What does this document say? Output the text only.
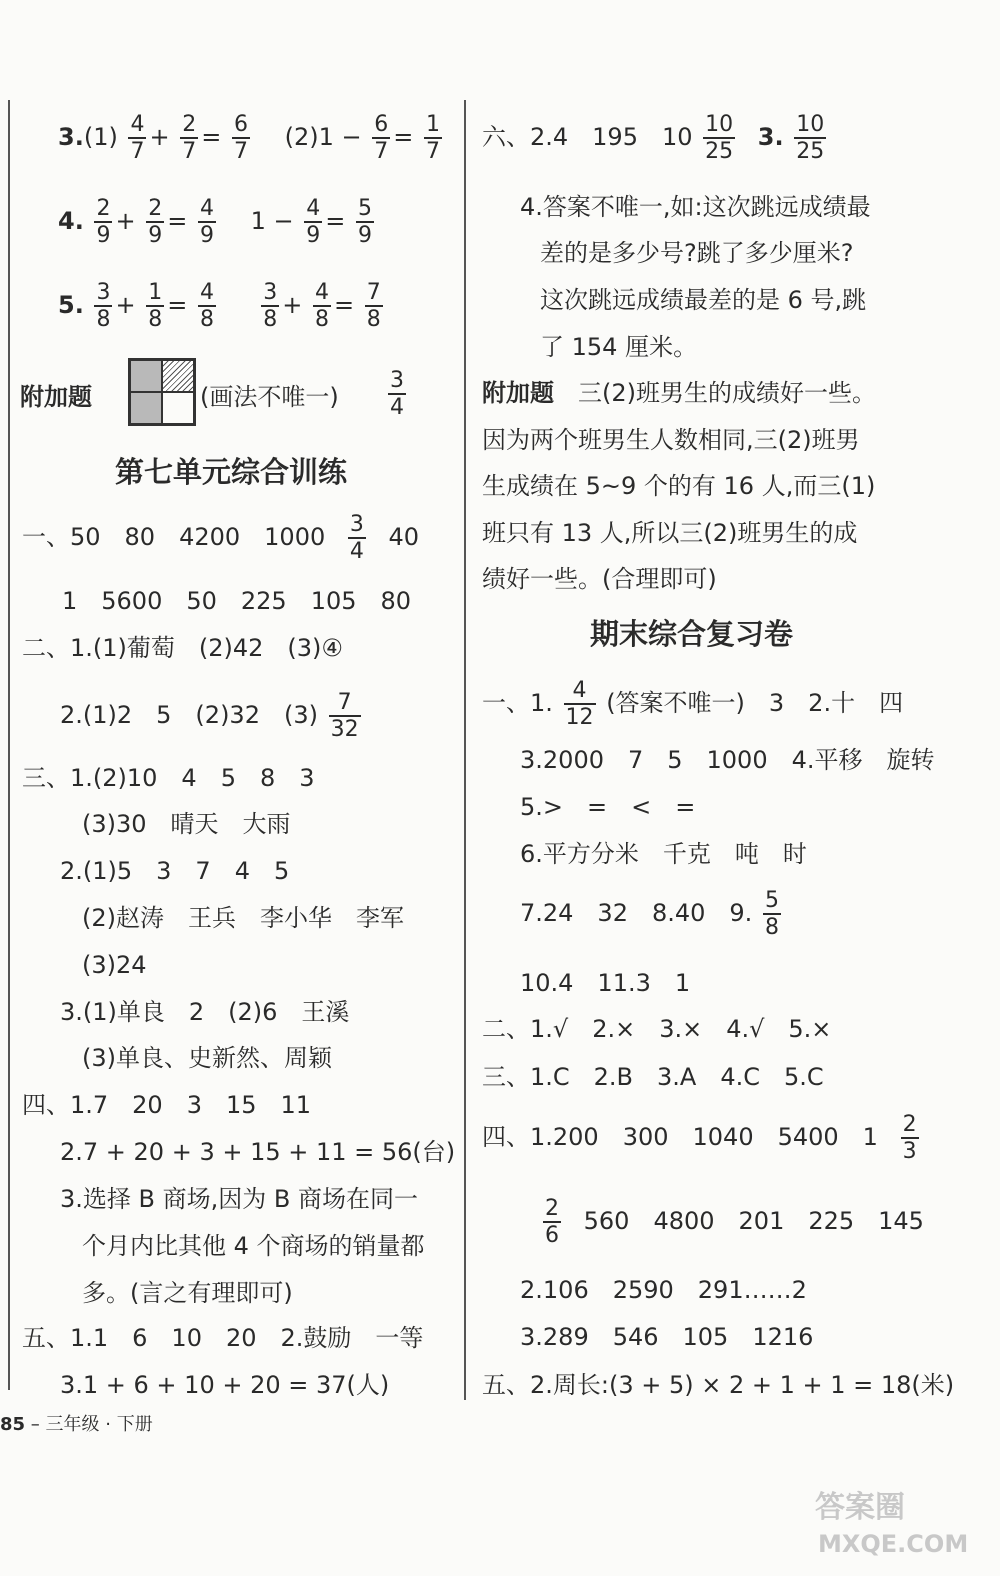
$3.(1) \frac{4}{7} + \frac{2}{7} = \frac{6}{7} (2)1 - \frac{6}{7} = \frac{1}{7}$
4. $\frac{2}{9} + \frac{2}{9} = \frac{4}{9} 1 - \frac{4}{9} = \frac{5}{9}$
5. $\frac{3}{8} + \frac{1}{8} = \frac{4}{8}$
$\frac{3}{8} + \frac{4}{8} = \frac{7}{8}$
附加题	(画法不唯一) $\frac{3}{4}$
第七单元综合训练
一、50　80　4200　$1000 \frac{3}{4} 40$
1　5600　50　225　105　80
二、1.(1)葡萄　(2)42　(3)④
2.(1)2　5　(2)32　$(3) \frac{7}{32}$
三、1.(2)10　4　5　8　3
(3)30　晴天　大雨
2.(1)5　3　7　4　5
(2)赵涛　王兵　李小华　李军
(3)24
3.(1)单良　2　(2)6　王溪
(3)单良、史新然、周颖
四、1.7　20　3　15　11
2.7 + 20 + 3 + 15 + 11 = 56(台)
3.选择 B 商场,因为 B 商场在同一
个月内比其他 4 个商场的销量都
多。(言之有理即可)
五、1.1　6　10　20　2.鼓励　一等
3.1 + 6 + 10 + 20 = 37(人)
六、2.4　195　$10 \frac{10}{25} 3$. $\frac{10}{25}$
4.答案不唯一,如:这次跳远成绩最
差的是多少号?跳了多少厘米?
这次跳远成绩最差的是 6 号,跳
了 154 厘米。
附加题 三(2)班男生的成绩好一些。
因为两个班男生人数相同,三(2)班男
生成绩在 5~9 个的有 16 人,而三(1)
班只有 13 人,所以三(2)班男生的成
绩好一些。(合理即可)
期末综合复习卷
一、1. $\frac{4}{12}$ (答案不唯一)　3　2.十　四
3.2000　7　5　1000　4.平移　旋转
5.>　=　<　=
6.平方分米　千克　吨　时
7.24　32　8.40　9. $\frac{5}{8}$
10.4　11.3　1
二、1.√　2.×　3.×　4.√　5.×
三、1.C　2.B　3.A　4.C　5.C
四、1.200　300　1040　5400　$1 \frac{2}{3}$
$\frac{2}{6} 560$　4800　201　225　145
2.106　2590　291……2
3.289　546　105　1216
五、2.周长:(3 + 5) × 2 + 1 + 1 = 18(米)
85 – 三年级 · 下册
答案圈
MXQE.COM
